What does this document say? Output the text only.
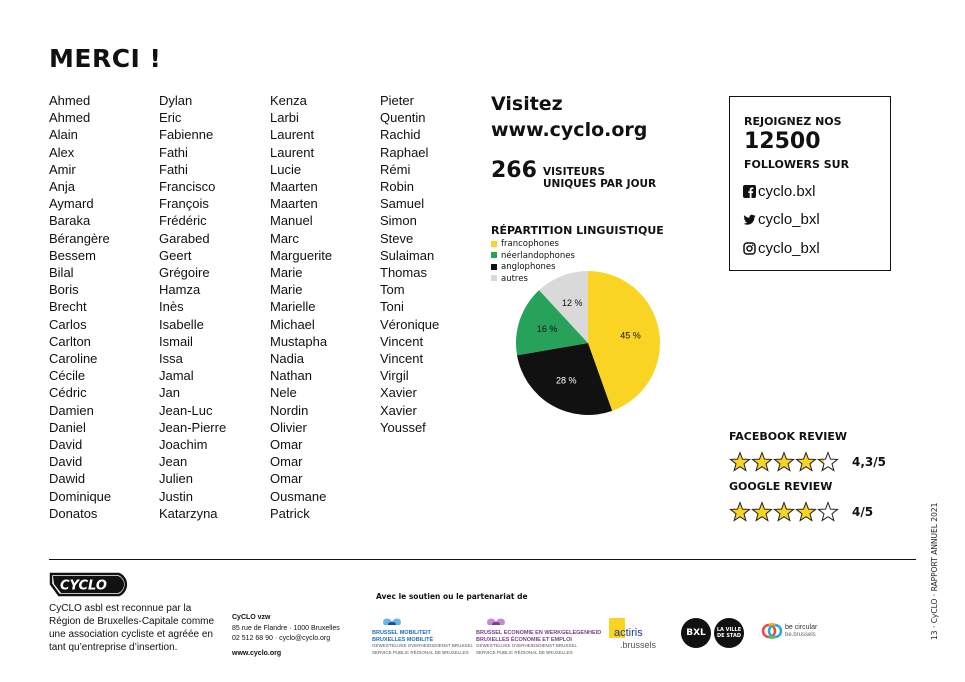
MERCI !
Ahmed
Ahmed
Alain
Alex
Amir
Anja
Aymard
Baraka
Bérangère
Bessem
Bilal
Boris
Brecht
Carlos
Carlton
Caroline
Cécile
Cédric
Damien
Daniel
David
David
Dawid
Dominique
Donatos
Dylan
Eric
Fabienne
Fathi
Fathi
Francisco
François
Frédéric
Garabed
Geert
Grégoire
Hamza
Inès
Isabelle
Ismail
Issa
Jamal
Jan
Jean-Luc
Jean-Pierre
Joachim
Jean
Julien
Justin
Katarzyna
Kenza
Larbi
Laurent
Laurent
Lucie
Maarten
Maarten
Manuel
Marc
Marguerite
Marie
Marie
Marielle
Michael
Mustapha
Nadia
Nathan
Nele
Nordin
Olivier
Omar
Omar
Omar
Ousmane
Patrick
Pieter
Quentin
Rachid
Raphael
Rémi
Robin
Samuel
Simon
Steve
Sulaiman
Thomas
Tom
Toni
Véronique
Vincent
Vincent
Virgil
Xavier
Xavier
Youssef
Visitez
www.cyclo.org
266 VISITEURS
UNIQUES PAR JOUR
RÉPARTITION LINGUISTIQUE
francophones
néerlandophones
anglophones
autres
45 %
28 %
16 %
12 %
REJOIGNEZ NOS
12500
FOLLOWERS SUR
cyclo.bxl
cyclo_bxl
cyclo_bxl
FACEBOOK REVIEW
4,3/5
GOOGLE REVIEW
4/5	13 · CyCLO · RAPPORT ANNUEL 2021
CYCLO
CyCLO asbl est reconnue par la Région de Bruxelles-Capitale comme une association cycliste et agréée en tant qu’entreprise d’insertion.
CyCLO vzw
85 rue de Flandre · 1000 Bruxelles
02 512 68 90 · cyclo@cyclo.org
www.cyclo.org
Avec le soutien ou le partenariat de
BRUSSEL MOBILITEIT
BRUXELLES MOBILITÉ
GEWESTELIJKE OVERHEIDSDIENST BRUSSEL
SERVICE PUBLIC RÉGIONAL DE BRUXELLES
BRUSSEL ECONOMIE EN WERKGELEGENHEID
BRUXELLES ÉCONOMIE ET EMPLOI
GEWESTELIJKE OVERHEIDSDIENST BRUSSEL
SERVICE PUBLIC RÉGIONAL DE BRUXELLES
actiris
.brussels
BXL	LA VILLE DE STAD
be circular
be.brussels
